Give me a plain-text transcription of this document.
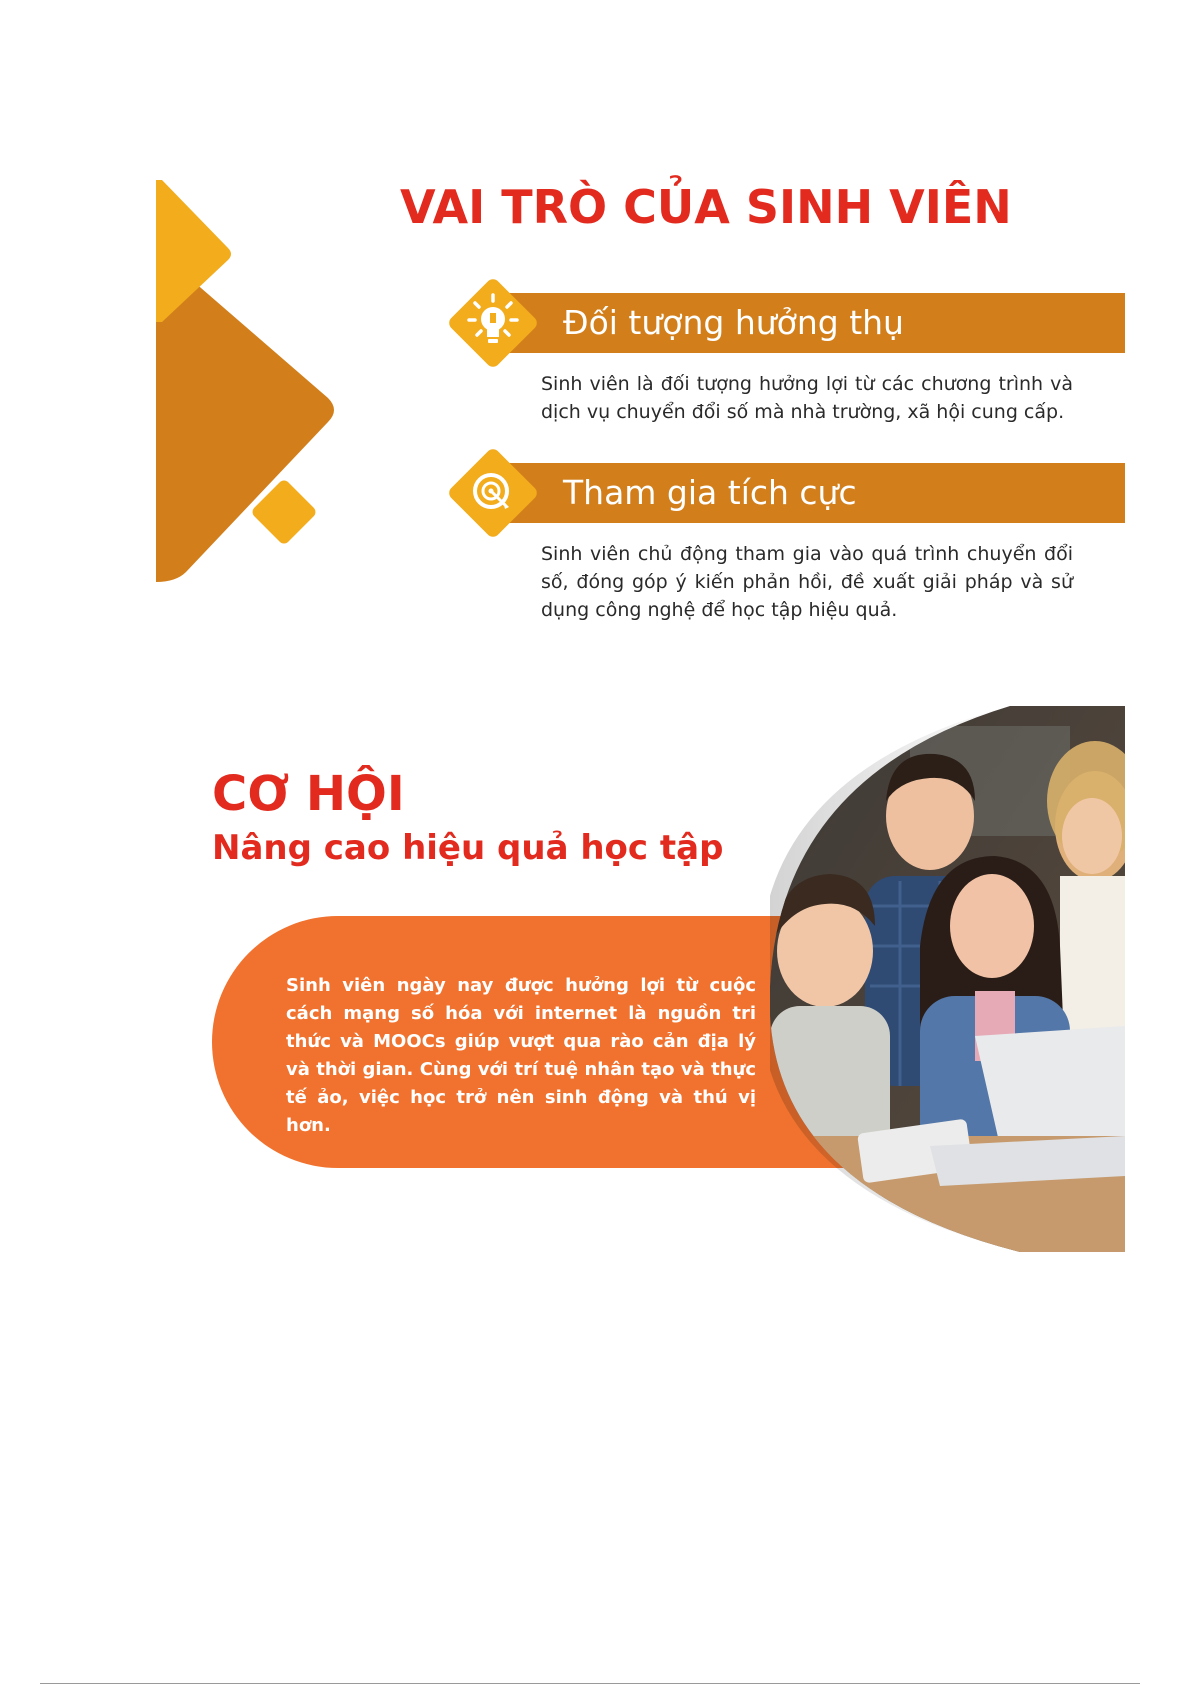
VAI TRÒ CỦA SINH VIÊN
Đối tượng hưởng thụ

Sinh viên là đối tượng hưởng lợi từ các chương trình và dịch vụ chuyển đổi số mà nhà trường, xã hội cung cấp.

Tham gia tích cực

Sinh viên chủ động tham gia vào quá trình chuyển đổi số, đóng góp ý kiến phản hồi, đề xuất giải pháp và sử dụng công nghệ để học tập hiệu quả.

CƠ HỘI
Nâng cao hiệu quả học tập

Sinh viên ngày nay được hưởng lợi từ cuộc cách mạng số hóa với internet là nguồn tri thức và MOOCs giúp vượt qua rào cản địa lý và thời gian. Cùng với trí tuệ nhân tạo và thực tế ảo, việc học trở nên sinh động và thú vị hơn.
